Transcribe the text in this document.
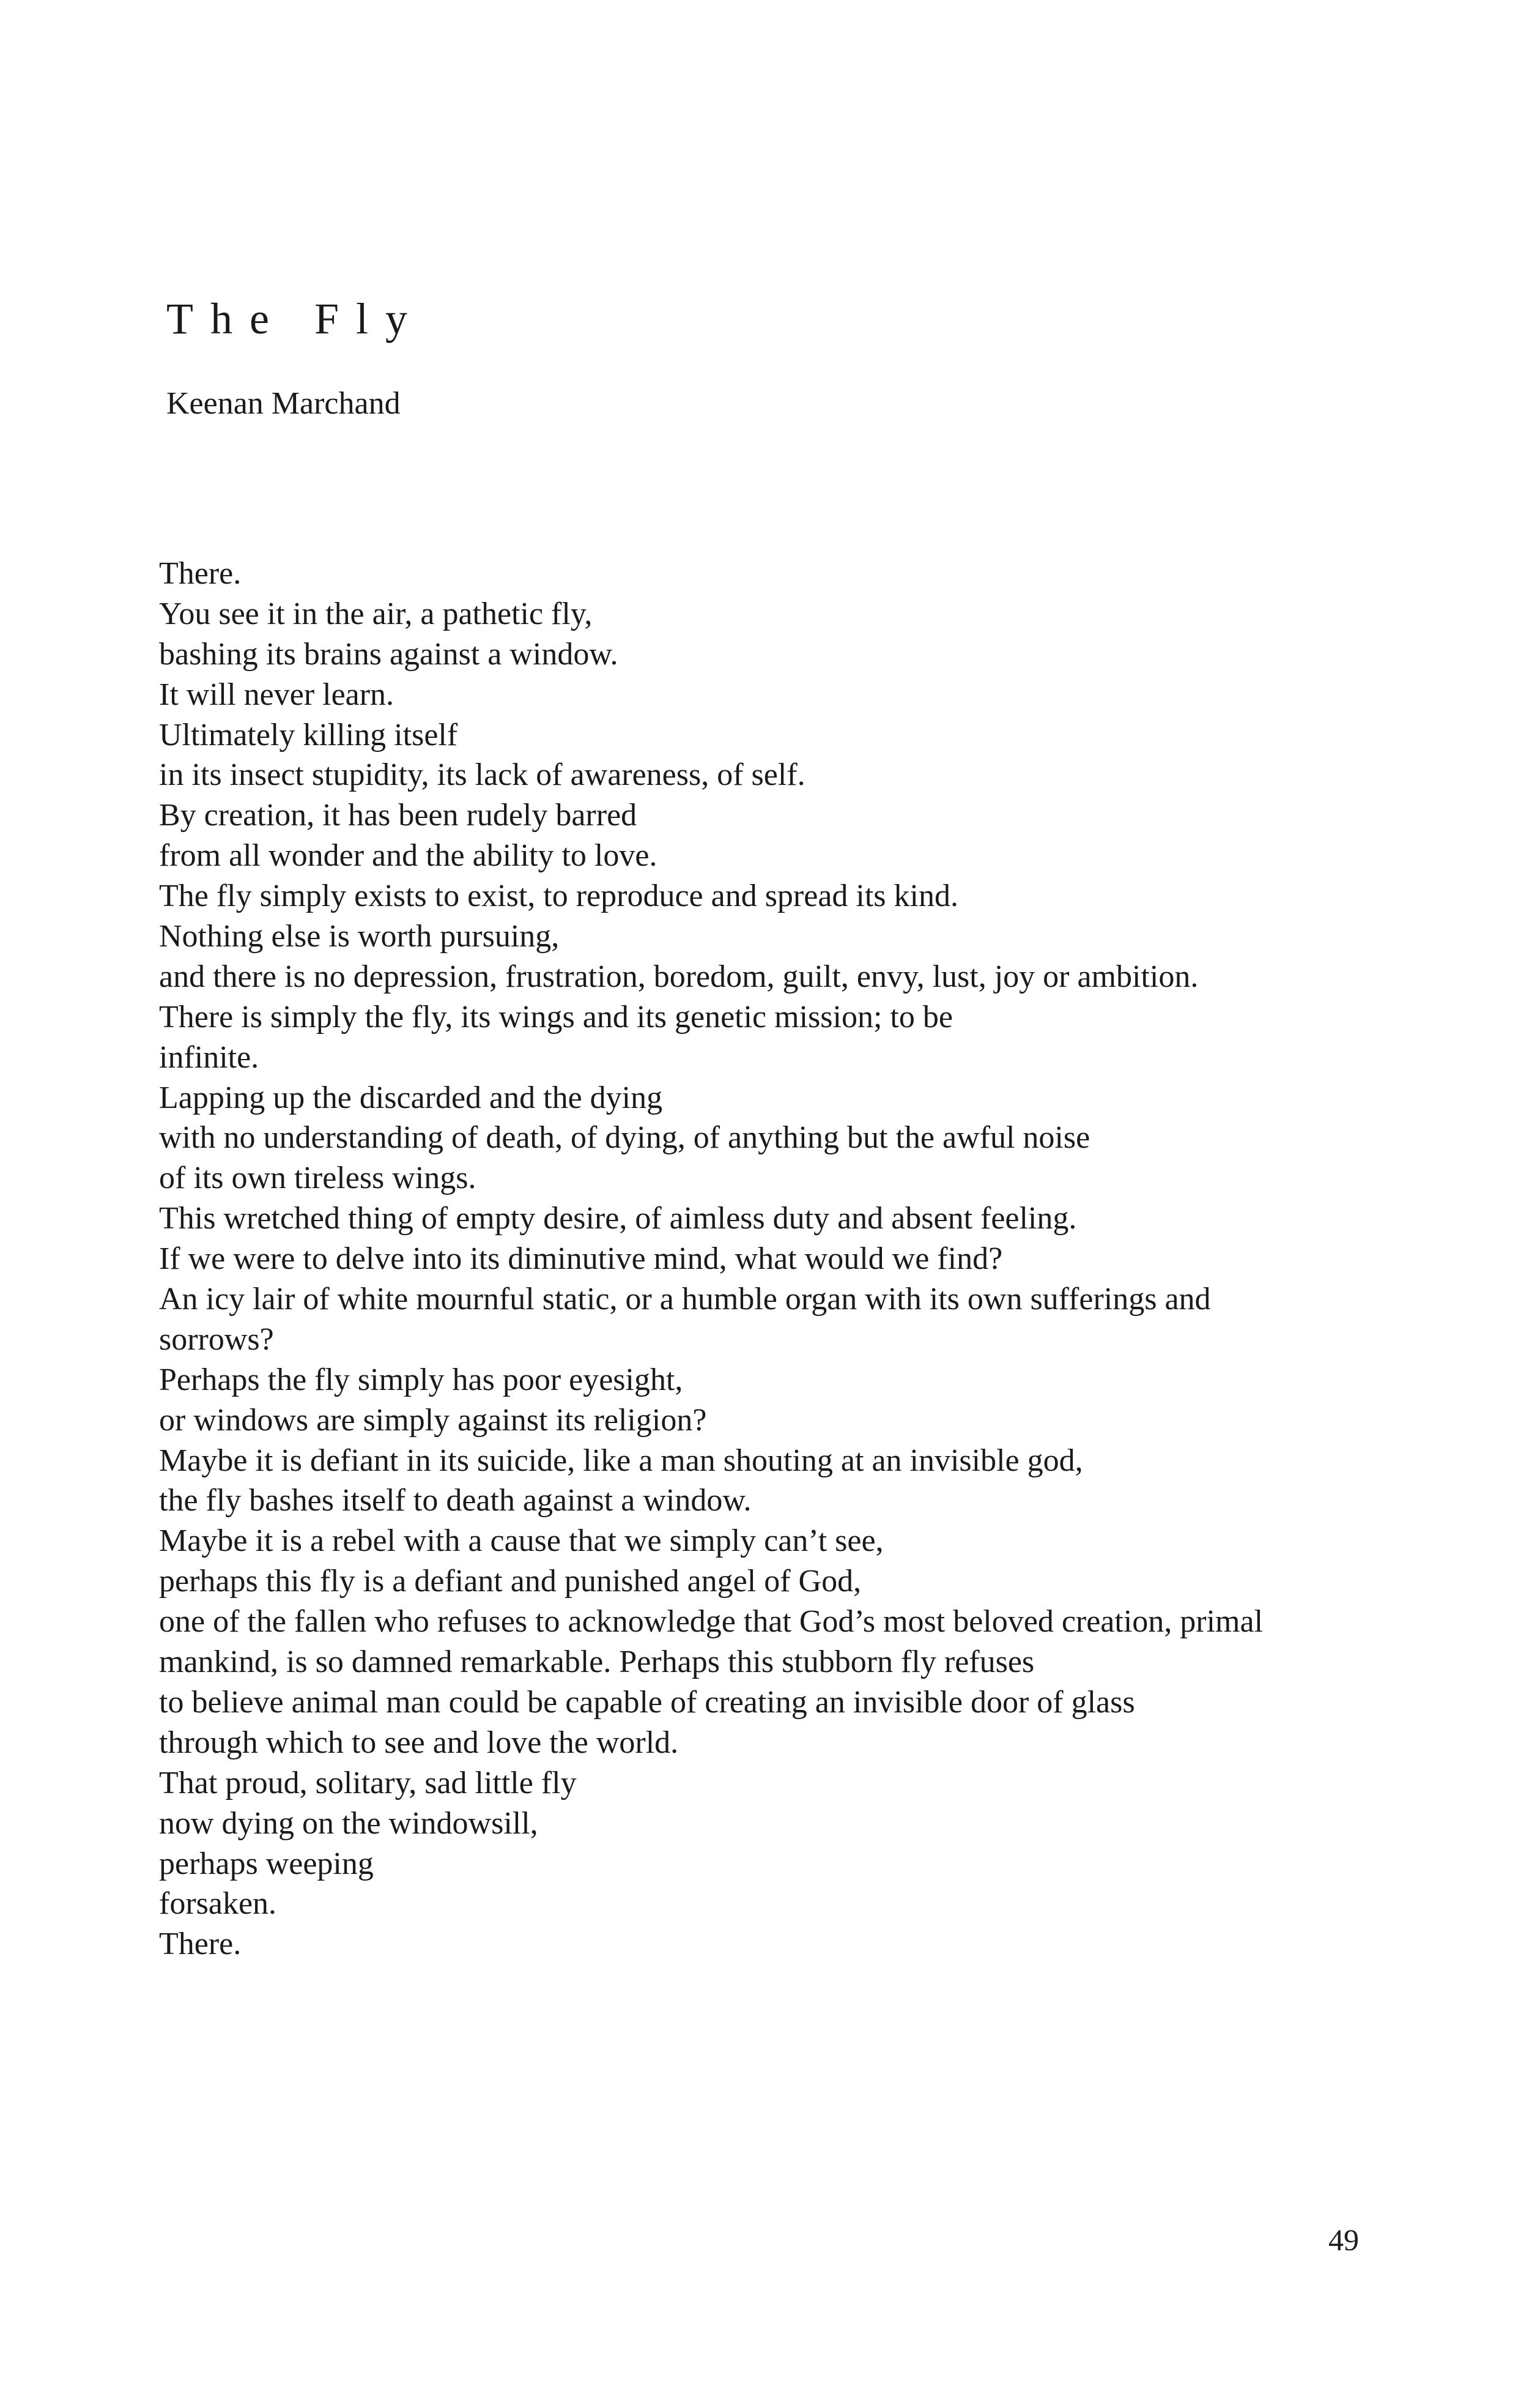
The Fly

Keenan Marchand

There.
You see it in the air, a pathetic fly,
bashing its brains against a window.
It will never learn.
Ultimately killing itself
in its insect stupidity, its lack of awareness, of self.
By creation, it has been rudely barred
from all wonder and the ability to love.
The fly simply exists to exist, to reproduce and spread its kind.
Nothing else is worth pursuing,
and there is no depression, frustration, boredom, guilt, envy, lust, joy or ambition.
There is simply the fly, its wings and its genetic mission; to be
infinite.
Lapping up the discarded and the dying
with no understanding of death, of dying, of anything but the awful noise
of its own tireless wings.
This wretched thing of empty desire, of aimless duty and absent feeling.
If we were to delve into its diminutive mind, what would we find?
An icy lair of white mournful static, or a humble organ with its own sufferings and
sorrows?
Perhaps the fly simply has poor eyesight,
or windows are simply against its religion?
Maybe it is defiant in its suicide, like a man shouting at an invisible god,
the fly bashes itself to death against a window.
Maybe it is a rebel with a cause that we simply can’t see,
perhaps this fly is a defiant and punished angel of God,
one of the fallen who refuses to acknowledge that God’s most beloved creation, primal
mankind, is so damned remarkable. Perhaps this stubborn fly refuses
to believe animal man could be capable of creating an invisible door of glass
through which to see and love the world.
That proud, solitary, sad little fly
now dying on the windowsill,
perhaps weeping
forsaken.
There.
49
